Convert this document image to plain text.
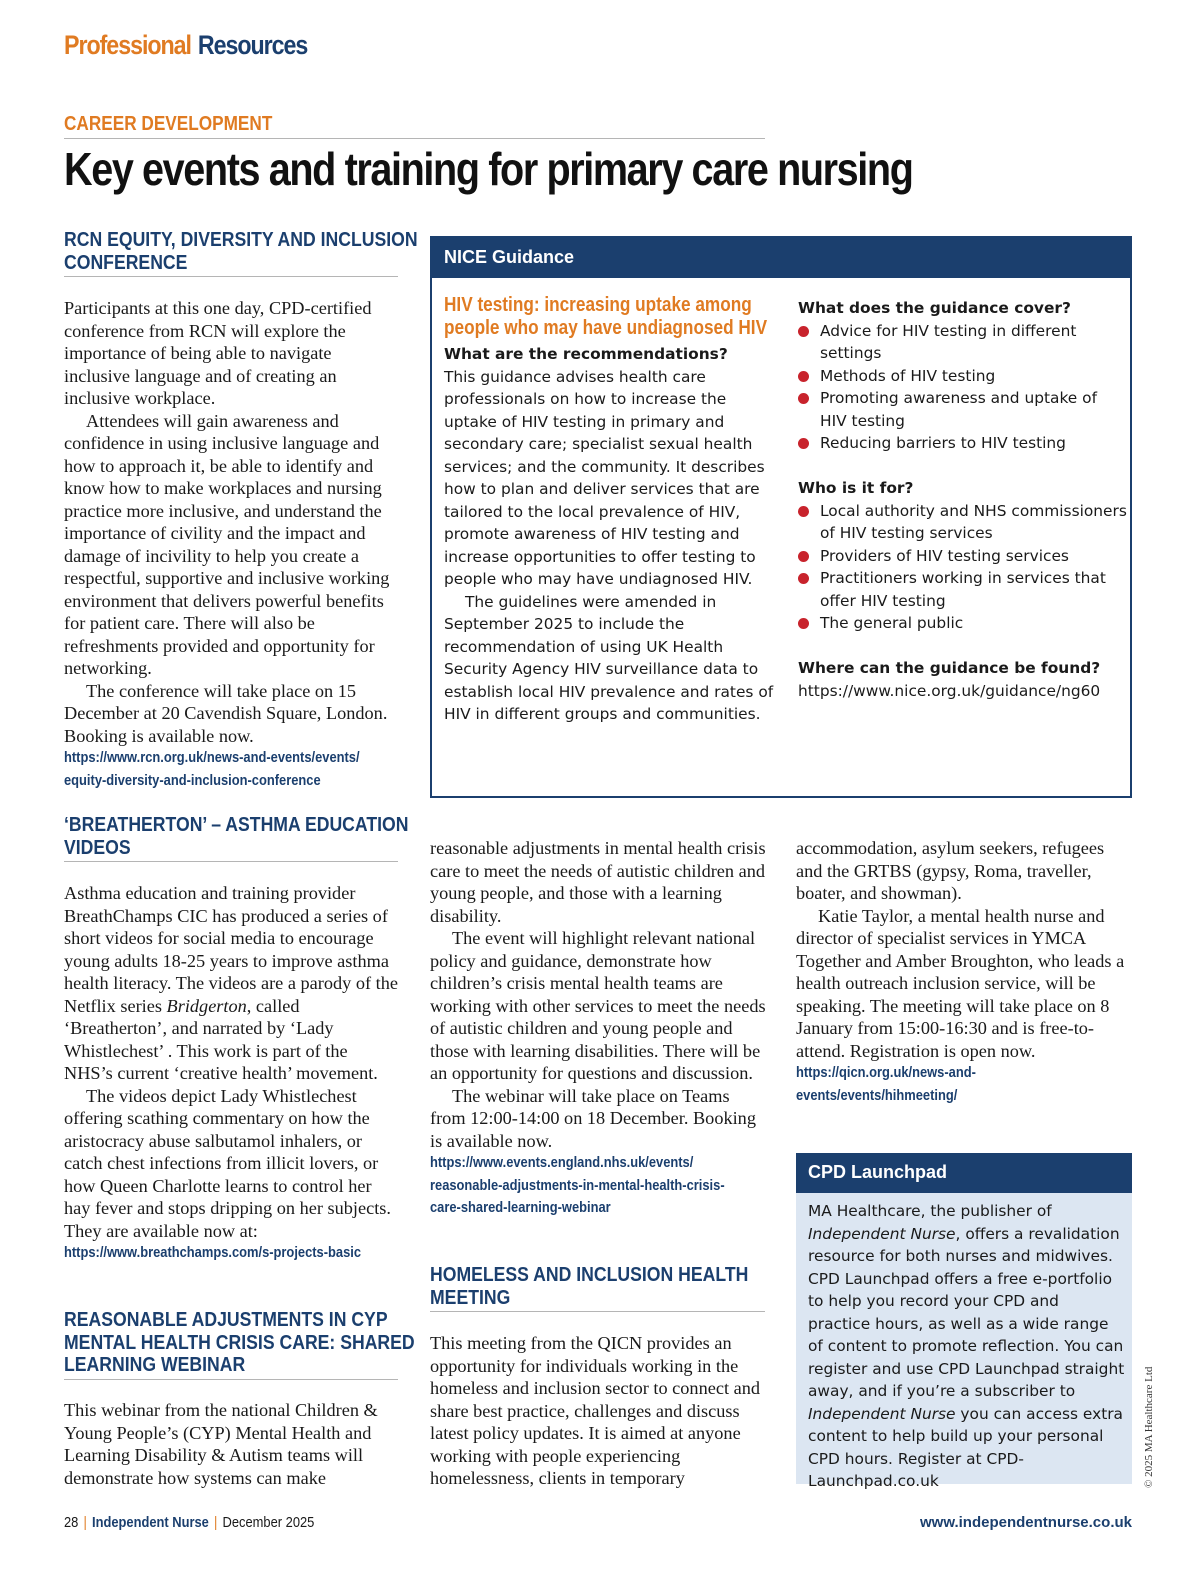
Professional Resources
CAREER DEVELOPMENT
Key events and training for primary care nursing
RCN EQUITY, DIVERSITY AND INCLUSION
CONFERENCE

Participants at this one day, CPD-certified conference from RCN will explore the importance of being able to navigate inclusive language and of creating an inclusive workplace.

Attendees will gain awareness and confidence in using inclusive language and how to approach it, be able to identify and know how to make workplaces and nursing practice more inclusive, and understand the importance of civility and the impact and damage of incivility to help you create a respectful, supportive and inclusive working environment that delivers powerful benefits for patient care. There will also be refreshments provided and opportunity for networking.

The conference will take place on 15 December at 20 Cavendish Square, London. Booking is available now.

https://www.rcn.org.uk/news-and-events/events/
equity-diversity-and-inclusion-conference
‘BREATHERTON’ – ASTHMA EDUCATION
VIDEOS

Asthma education and training provider BreathChamps CIC has produced a series of short videos for social media to encourage young adults 18-25 years to improve asthma health literacy. The videos are a parody of the Netflix series Bridgerton, called ‘Breatherton’, and narrated by ‘Lady Whistlechest’ . This work is part of the NHS’s current ‘creative health’ movement.

The videos depict Lady Whistlechest offering scathing commentary on how the aristocracy abuse salbutamol inhalers, or catch chest infections from illicit lovers, or how Queen Charlotte learns to control her hay fever and stops dripping on her subjects. They are available now at:

https://www.breathchamps.com/s-projects-basic
REASONABLE ADJUSTMENTS IN CYP
MENTAL HEALTH CRISIS CARE: SHARED
LEARNING WEBINAR

This webinar from the national Children & Young People’s (CYP) Mental Health and Learning Disability & Autism teams will demonstrate how systems can make

reasonable adjustments in mental health crisis care to meet the needs of autistic children and young people, and those with a learning disability.

The event will highlight relevant national policy and guidance, demonstrate how children’s crisis mental health teams are working with other services to meet the needs of autistic children and young people and those with learning disabilities. There will be an opportunity for questions and discussion.

The webinar will take place on Teams from 12:00-14:00 on 18 December. Booking is available now.

https://www.events.england.nhs.uk/events/
reasonable-adjustments-in-mental-health-crisis-
care-shared-learning-webinar
HOMELESS AND INCLUSION HEALTH
MEETING

This meeting from the QICN provides an opportunity for individuals working in the homeless and inclusion sector to connect and share best practice, challenges and discuss latest policy updates. It is aimed at anyone working with people experiencing homelessness, clients in temporary

accommodation, asylum seekers, refugees and the GRTBS (gypsy, Roma, traveller, boater, and showman).

Katie Taylor, a mental health nurse and director of specialist services in YMCA Together and Amber Broughton, who leads a health outreach inclusion service, will be speaking. The meeting will take place on 8 January from 15:00-16:30 and is free-to-attend. Registration is open now.

https://qicn.org.uk/news-and-events/events/hihmeeting/
NICE Guidance
HIV testing: increasing uptake among
people who may have undiagnosed HIV
What are the recommendations?

This guidance advises health care professionals on how to increase the uptake of HIV testing in primary and secondary care; specialist sexual health services; and the community. It describes how to plan and deliver services that are tailored to the local prevalence of HIV, promote awareness of HIV testing and increase opportunities to offer testing to people who may have undiagnosed HIV.

The guidelines were amended in September 2025 to include the recommendation of using UK Health Security Agency HIV surveillance data to establish local HIV prevalence and rates of HIV in different groups and communities.

What does the guidance cover?
Advice for HIV testing in different settings
Methods of HIV testing
Promoting awareness and uptake of HIV testing
Reducing barriers to HIV testing
Who is it for?
Local authority and NHS commissioners of HIV testing services
Providers of HIV testing services
Practitioners working in services that offer HIV testing
The general public
Where can the guidance be found?
https://www.nice.org.uk/guidance/ng60
CPD Launchpad
MA Healthcare, the publisher of Independent Nurse, offers a revalidation resource for both nurses and midwives. CPD Launchpad offers a free e-portfolio to help you record your CPD and practice hours, as well as a wide range of content to promote reflection. You can register and use CPD Launchpad straight away, and if you’re a subscriber to Independent Nurse you can access extra content to help build up your personal CPD hours. Register at CPD-Launchpad.co.uk	© 2025 MA Healthcare Ltd
28 | Independent Nurse | December 2025	www.independentnurse.co.uk
